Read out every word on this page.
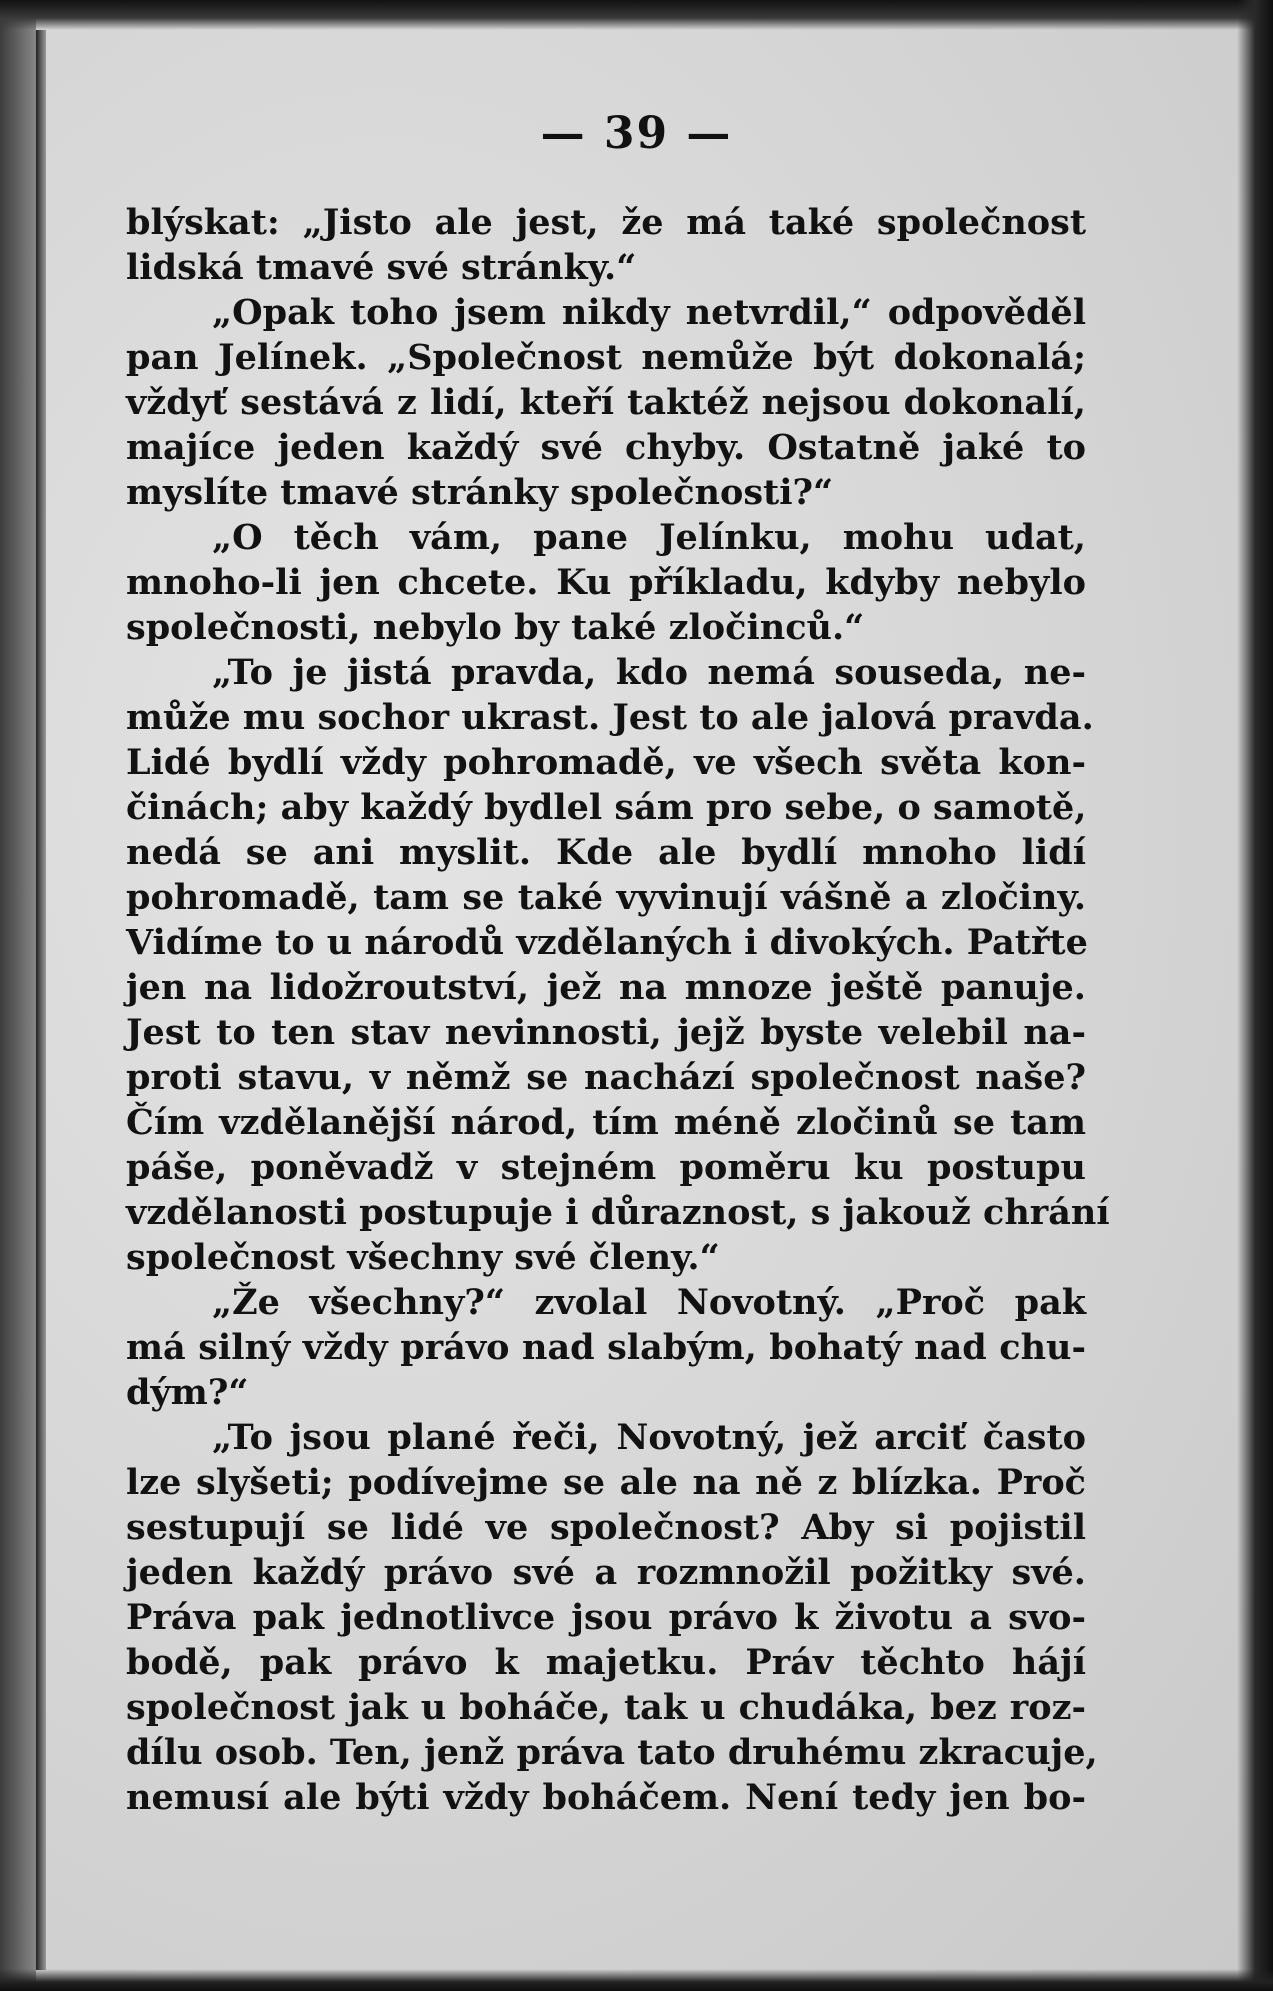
— 39 —
blýskat: „Jisto ale jest, že má také společnost
lidská tmavé své stránky.“
„Opak toho jsem nikdy netvrdil,“ odpověděl
pan Jelínek. „Společnost nemůže být dokonalá;
vždyť sestává z lidí, kteří taktéž nejsou dokonalí,
majíce jeden každý své chyby. Ostatně jaké to
myslíte tmavé stránky společnosti?“
„O těch vám, pane Jelínku, mohu udat,
mnoho-li jen chcete. Ku příkladu, kdyby nebylo
společnosti, nebylo by také zločinců.“
„To je jistá pravda, kdo nemá souseda, ne-
může mu sochor ukrast. Jest to ale jalová pravda.
Lidé bydlí vždy pohromadě, ve všech světa kon-
činách; aby každý bydlel sám pro sebe, o samotě,
nedá se ani myslit. Kde ale bydlí mnoho lidí
pohromadě, tam se také vyvinují vášně a zločiny.
Vidíme to u národů vzdělaných i divokých. Patřte
jen na lidožroutství, jež na mnoze ještě panuje.
Jest to ten stav nevinnosti, jejž byste velebil na-
proti stavu, v němž se nachází společnost naše?
Čím vzdělanější národ, tím méně zločinů se tam
páše, poněvadž v stejném poměru ku postupu
vzdělanosti postupuje i důraznost, s jakouž chrání
společnost všechny své členy.“
„Že všechny?“ zvolal Novotný. „Proč pak
má silný vždy právo nad slabým, bohatý nad chu-
dým?“
„To jsou plané řeči, Novotný, jež arciť často
lze slyšeti; podívejme se ale na ně z blízka. Proč
sestupují se lidé ve společnost? Aby si pojistil
jeden každý právo své a rozmnožil požitky své.
Práva pak jednotlivce jsou právo k životu a svo-
bodě, pak právo k majetku. Práv těchto hájí
společnost jak u boháče, tak u chudáka, bez roz-
dílu osob. Ten, jenž práva tato druhému zkracuje,
nemusí ale býti vždy boháčem. Není tedy jen bo-
